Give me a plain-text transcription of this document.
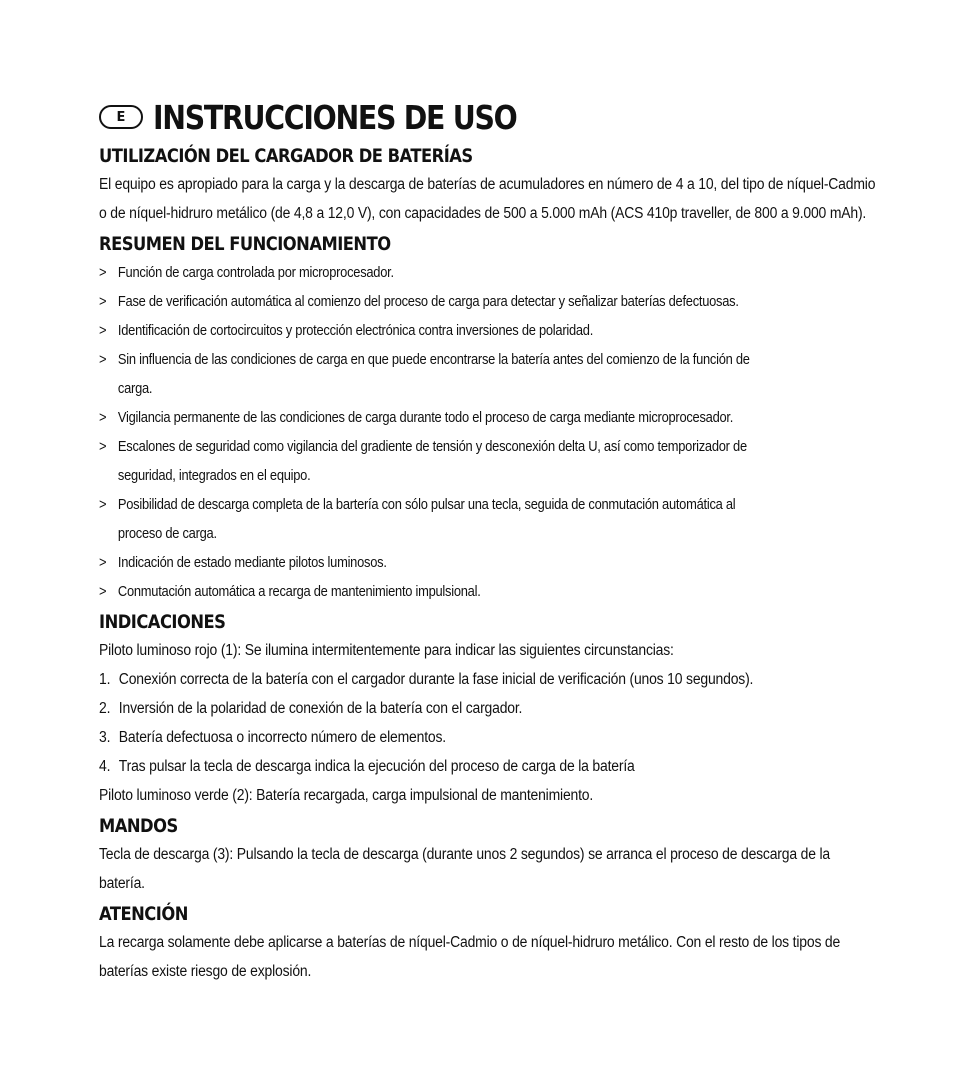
E INSTRUCCIONES DE USO
UTILIZACIÓN DEL CARGADOR DE BATERÍAS
El equipo es apropiado para la carga y la descarga de baterías de acumuladores en número de 4 a 10, del tipo de níquel-Cadmio o de níquel-hidruro metálico (de 4,8 a 12,0 V), con capacidades de 500 a 5.000 mAh (ACS 410p traveller, de 800 a 9.000 mAh).
RESUMEN DEL FUNCIONAMIENTO
> Función de carga controlada por microprocesador.
> Fase de verificación automática al comienzo del proceso de carga para detectar y señalizar baterías defectuosas.
> Identificación de cortocircuitos y protección electrónica contra inversiones de polaridad.
> Sin influencia de las condiciones de carga en que puede encontrarse la batería antes del comienzo de la función de carga.
> Vigilancia permanente de las condiciones de carga durante todo el proceso de carga mediante microprocesador.
> Escalones de seguridad como vigilancia del gradiente de tensión y desconexión delta U, así como temporizador de seguridad, integrados en el equipo.
> Posibilidad de descarga completa de la bartería con sólo pulsar una tecla, seguida de conmutación automática al proceso de carga.
> Indicación de estado mediante pilotos luminosos.
> Conmutación automática a recarga de mantenimiento impulsional.
INDICACIONES
Piloto luminoso rojo (1): Se ilumina intermitentemente para indicar las siguientes circunstancias:
1. Conexión correcta de la batería con el cargador durante la fase inicial de verificación (unos 10 segundos).
2. Inversión de la polaridad de conexión de la batería con el cargador.
3. Batería defectuosa o incorrecto número de elementos.
4. Tras pulsar la tecla de descarga indica la ejecución del proceso de carga de la batería
Piloto luminoso verde (2): Batería recargada, carga impulsional de mantenimiento.
MANDOS
Tecla de descarga (3): Pulsando la tecla de descarga (durante unos 2 segundos) se arranca el proceso de descarga de la batería.
ATENCIÓN
La recarga solamente debe aplicarse a baterías de níquel-Cadmio o de níquel-hidruro metálico. Con el resto de los tipos de baterías existe riesgo de explosión.
